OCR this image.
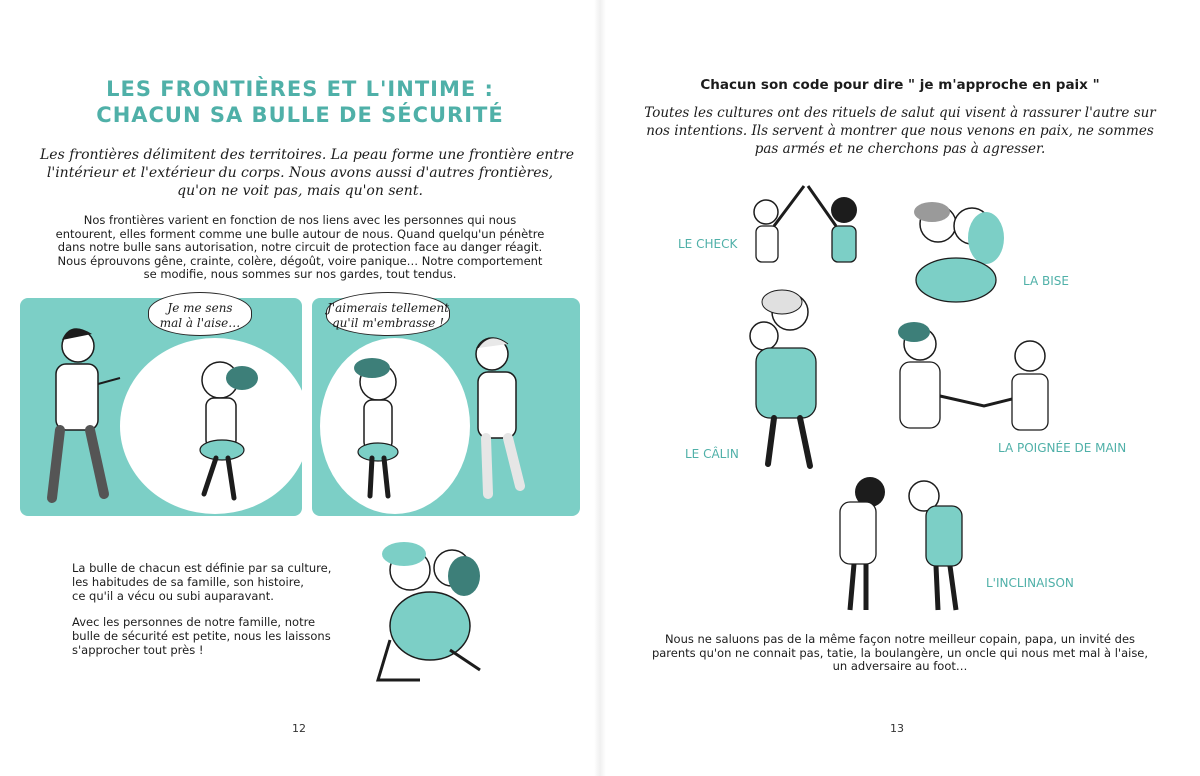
LES FRONTIÈRES ET L'INTIME :
CHACUN SA BULLE DE SÉCURITÉ
Les frontières délimitent des territoires. La peau forme une frontière entre
l'intérieur et l'extérieur du corps. Nous avons aussi d'autres frontières,
qu'on ne voit pas, mais qu'on sent.
Nos frontières varient en fonction de nos liens avec les personnes qui nous
entourent, elles forment comme une bulle autour de nous. Quand quelqu'un pénètre
dans notre bulle sans autorisation, notre circuit de protection face au danger réagit.
Nous éprouvons gêne, crainte, colère, dégoût, voire panique… Notre comportement
se modifie, nous sommes sur nos gardes, tout tendus.
Je me sens
mal à l'aise…
J'aimerais tellement
qu'il m'embrasse !
La bulle de chacun est définie par sa culture,
les habitudes de sa famille, son histoire,
ce qu'il a vécu ou subi auparavant.
Avec les personnes de notre famille, notre
bulle de sécurité est petite, nous les laissons
s'approcher tout près !
12
Chacun son code pour dire " je m'approche en paix "
Toutes les cultures ont des rituels de salut qui visent à rassurer l'autre sur
nos intentions. Ils servent à montrer que nous venons en paix, ne sommes
pas armés et ne cherchons pas à agresser.
LE CHECK
LA BISE
LE CÂLIN	LA POIGNÉE DE MAIN
L'INCLINAISON
Nous ne saluons pas de la même façon notre meilleur copain, papa, un invité des
parents qu'on ne connait pas, tatie, la boulangère, un oncle qui nous met mal à l'aise,
un adversaire au foot…
13
